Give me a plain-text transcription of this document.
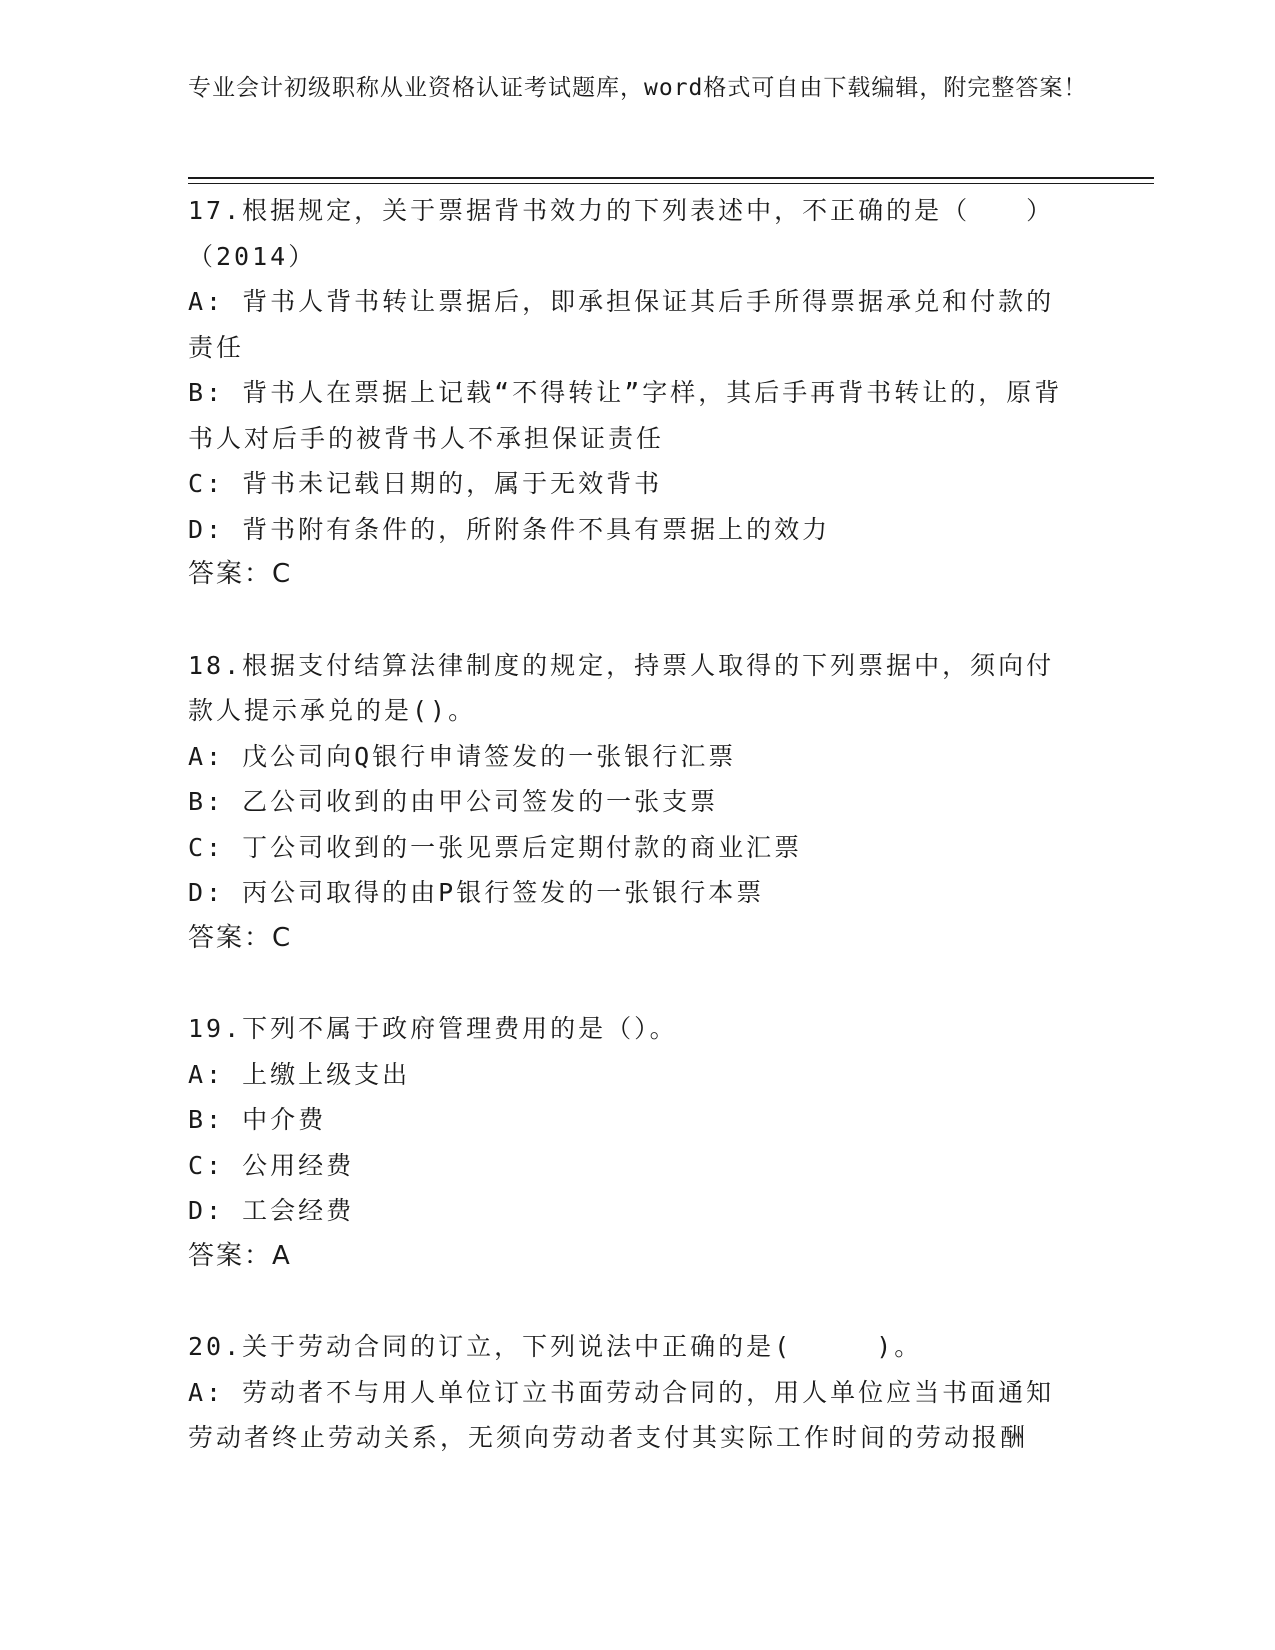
专业会计初级职称从业资格认证考试题库，word格式可自由下载编辑，附完整答案！
17.根据规定，关于票据背书效力的下列表述中，不正确的是（　　）（2014）
A: 背书人背书转让票据后，即承担保证其后手所得票据承兑和付款的责任
B: 背书人在票据上记载“不得转让”字样，其后手再背书转让的，原背书人对后手的被背书人不承担保证责任
C: 背书未记载日期的，属于无效背书
D: 背书附有条件的，所附条件不具有票据上的效力
答案：C
18.根据支付结算法律制度的规定，持票人取得的下列票据中，须向付款人提示承兑的是()。
A: 戊公司向Q银行申请签发的一张银行汇票
B: 乙公司收到的由甲公司签发的一张支票
C: 丁公司收到的一张见票后定期付款的商业汇票
D: 丙公司取得的由P银行签发的一张银行本票
答案：C
19.下列不属于政府管理费用的是（）。
A: 上缴上级支出
B: 中介费
C: 公用经费
D: 工会经费
答案：A
20.关于劳动合同的订立，下列说法中正确的是(　　　)。
A: 劳动者不与用人单位订立书面劳动合同的，用人单位应当书面通知劳动者终止劳动关系，无须向劳动者支付其实际工作时间的劳动报酬
